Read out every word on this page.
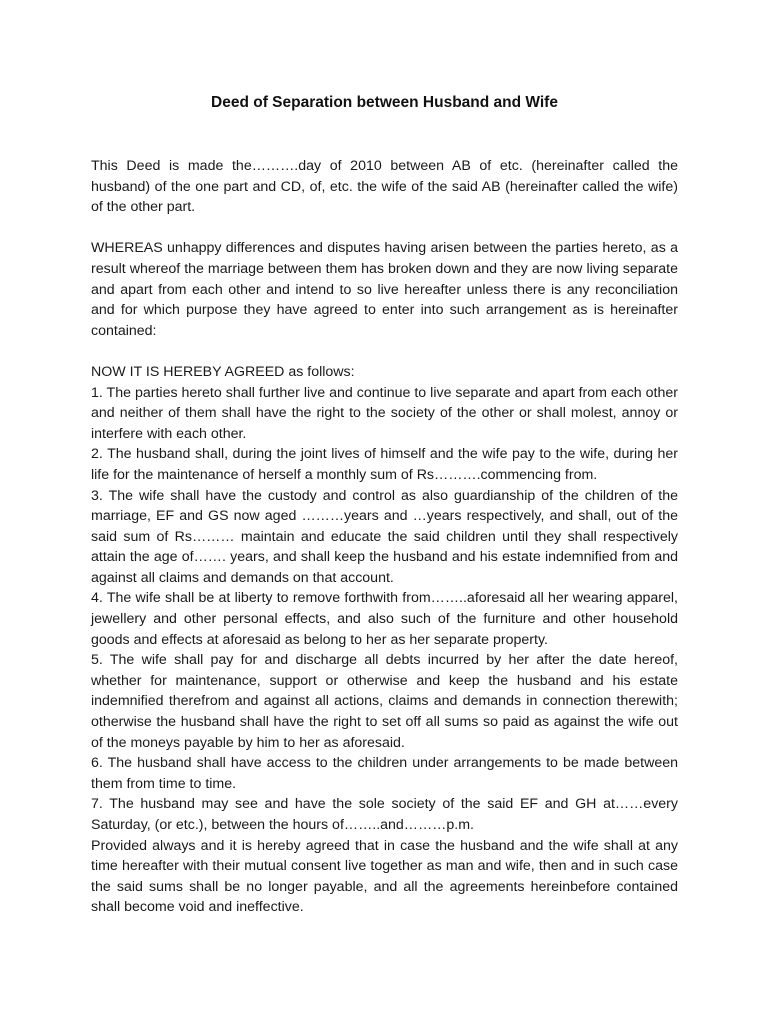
Deed of Separation between Husband and Wife

This Deed is made the……….day of 2010 between AB of etc. (hereinafter called the husband) of the one part and CD, of, etc. the wife of the said AB (hereinafter called the wife) of the other part.

WHEREAS unhappy differences and disputes having arisen between the parties hereto, as a result whereof the marriage between them has broken down and they are now living separate and apart from each other and intend to so live hereafter unless there is any reconciliation and for which purpose they have agreed to enter into such arrangement as is hereinafter contained:

NOW IT IS HEREBY AGREED as follows:

1. The parties hereto shall further live and continue to live separate and apart from each other and neither of them shall have the right to the society of the other or shall molest, annoy or interfere with each other.

2. The husband shall, during the joint lives of himself and the wife pay to the wife, during her life for the maintenance of herself a monthly sum of Rs……….commencing from.

3. The wife shall have the custody and control as also guardianship of the children of the marriage, EF and GS now aged ………years and …years respectively, and shall, out of the said sum of Rs……… maintain and educate the said children until they shall respectively attain the age of……. years, and shall keep the husband and his estate indemnified from and against all claims and demands on that account.

4. The wife shall be at liberty to remove forthwith from……..aforesaid all her wearing apparel, jewellery and other personal effects, and also such of the furniture and other household goods and effects at aforesaid as belong to her as her separate property.

5. The wife shall pay for and discharge all debts incurred by her after the date hereof, whether for maintenance, support or otherwise and keep the husband and his estate indemnified therefrom and against all actions, claims and demands in connection therewith; otherwise the husband shall have the right to set off all sums so paid as against the wife out of the moneys payable by him to her as aforesaid.

6. The husband shall have access to the children under arrangements to be made between them from time to time.

7. The husband may see and have the sole society of the said EF and GH at……every Saturday, (or etc.), between the hours of……..and………p.m.

Provided always and it is hereby agreed that in case the husband and the wife shall at any time hereafter with their mutual consent live together as man and wife, then and in such case the said sums shall be no longer payable, and all the agreements hereinbefore contained shall become void and ineffective.
